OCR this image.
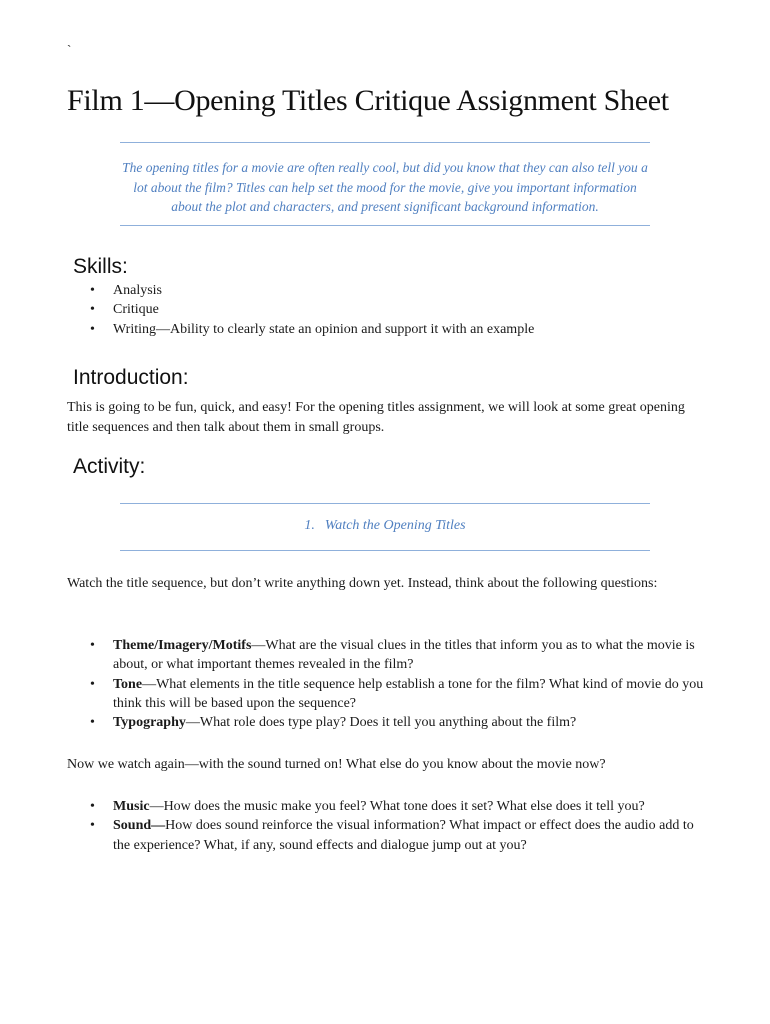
`
Film 1—Opening Titles Critique Assignment Sheet
The opening titles for a movie are often really cool, but did you know that they can also tell you a lot about the film? Titles can help set the mood for the movie, give you important information about the plot and characters, and present significant background information.
Skills:
• Analysis
• Critique
• Writing—Ability to clearly state an opinion and support it with an example
Introduction:

This is going to be fun, quick, and easy! For the opening titles assignment, we will look at some great opening title sequences and then talk about them in small groups.

Activity:
1. Watch the Opening Titles

Watch the title sequence, but don’t write anything down yet. Instead, think about the following questions:

• Theme/Imagery/Motifs—What are the visual clues in the titles that inform you as to what the movie is about, or what important themes revealed in the film?
• Tone—What elements in the title sequence help establish a tone for the film? What kind of movie do you think this will be based upon the sequence?
• Typography—What role does type play? Does it tell you anything about the film?

Now we watch again—with the sound turned on! What else do you know about the movie now?

• Music—How does the music make you feel? What tone does it set? What else does it tell you?
• Sound—How does sound reinforce the visual information? What impact or effect does the audio add to the experience? What, if any, sound effects and dialogue jump out at you?
